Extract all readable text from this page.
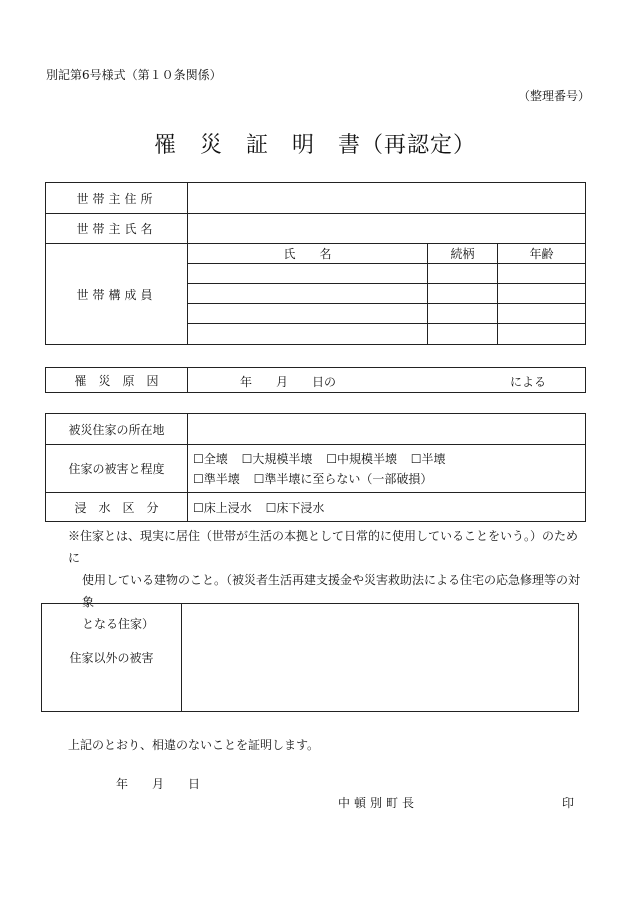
別記第6号様式（第１０条関係）
（整理番号）
罹　災　証　明　書（再認定）
世帯主住所			
世帯主氏名			
世帯構成員	氏　　名	続柄	年齢

罹　災　原　因	年　　月　　日の	による
被災住家の所在地	
住家の被害と程度	☐全壊 ☐大規模半壊 ☐中規模半壊 ☐半壊
☐準半壊 ☐準半壊に至らない（一部破損）

浸　水　区　分	☐床上浸水 ☐床下浸水
※住家とは、現実に居住（世帯が生活の本拠として日常的に使用していることをいう。）のために
使用している建物のこと。（被災者生活再建支援金や災害救助法による住宅の応急修理等の対象
となる住家）
住家以外の被害	
上記のとおり、相違のないことを証明します。
年　　月　　日
中頓別町長	印
